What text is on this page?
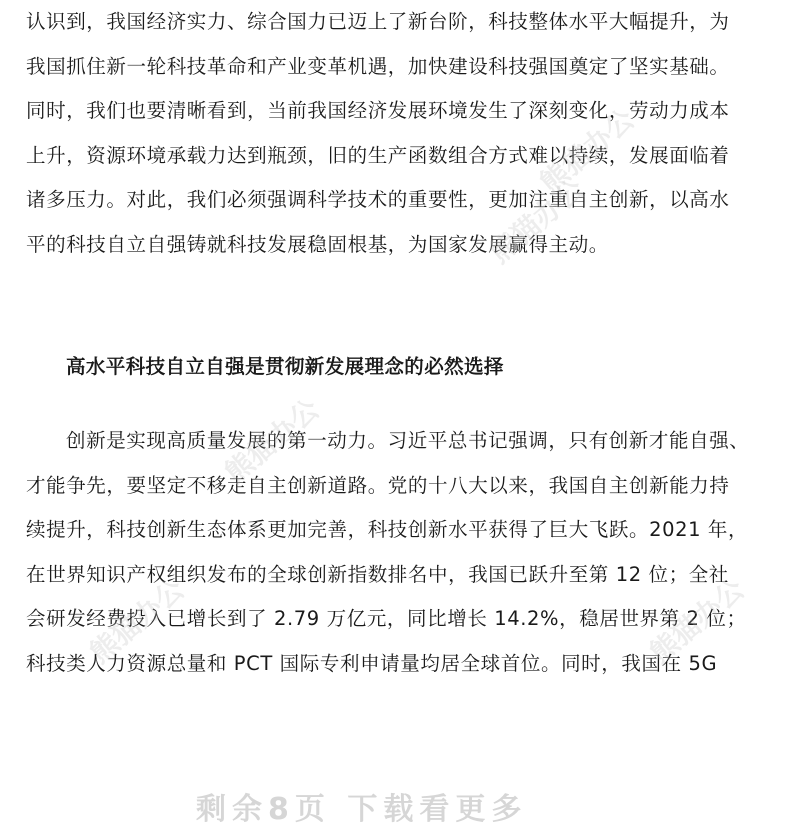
认识到，我国经济实力、综合国力已迈上了新台阶，科技整体水平大幅提升，为
我国抓住新一轮科技革命和产业变革机遇，加快建设科技强国奠定了坚实基础。
同时，我们也要清晰看到，当前我国经济发展环境发生了深刻变化，劳动力成本
上升，资源环境承载力达到瓶颈，旧的生产函数组合方式难以持续，发展面临着
诸多压力。对此，我们必须强调科学技术的重要性，更加注重自主创新，以高水
平的科技自立自强铸就科技发展稳固根基，为国家发展赢得主动。
高水平科技自立自强是贯彻新发展理念的必然选择
创新是实现高质量发展的第一动力。习近平总书记强调，只有创新才能自强、
才能争先，要坚定不移走自主创新道路。党的十八大以来，我国自主创新能力持
续提升，科技创新生态体系更加完善，科技创新水平获得了巨大飞跃。2021 年，
在世界知识产权组织发布的全球创新指数排名中，我国已跃升至第 12 位；全社
会研发经费投入已增长到了 2.79 万亿元，同比增长 14.2%，稳居世界第 2 位；
科技类人力资源总量和 PCT 国际专利申请量均居全球首位。同时，我国在 5G
熊猫办公
熊猫办公
熊猫办公
熊猫办公	熊猫办公
剩余8页 下载看更多
